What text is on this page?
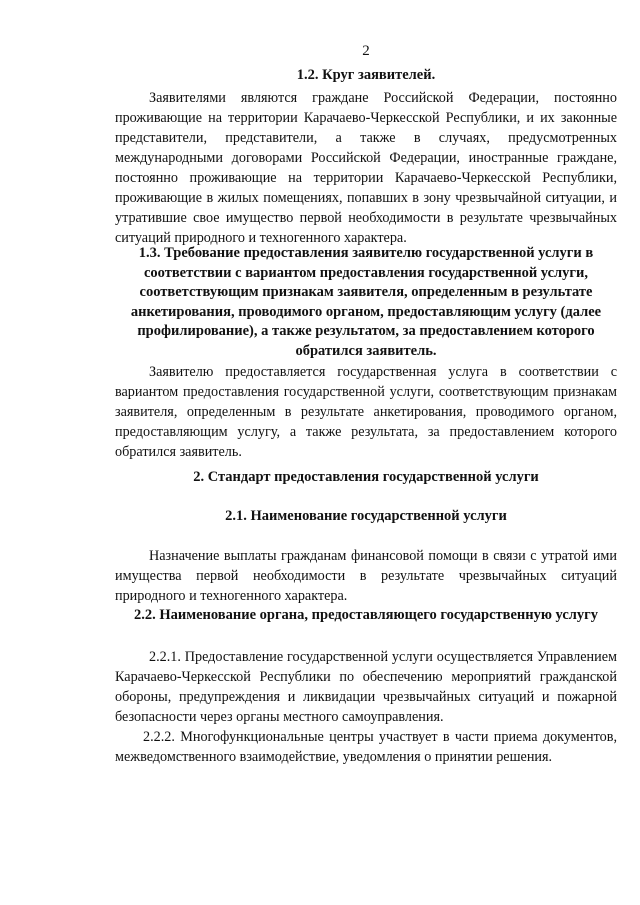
2

1.2. Круг заявителей.

Заявителями являются граждане Российской Федерации, постоянно проживающие на территории Карачаево-Черкесской Республики, и их законные представители, представители, а также в случаях, предусмотренных международными договорами Российской Федерации, иностранные граждане, постоянно проживающие на территории Карачаево-Черкесской Республики, проживающие в жилых помещениях, попавших в зону чрезвычайной ситуации, и утратившие свое имущество первой необходимости в результате чрезвычайных ситуаций природного и техногенного характера.

1.3. Требование предоставления заявителю государственной услуги в соответствии с вариантом предоставления государственной услуги, соответствующим признакам заявителя, определенным в результате анкетирования, проводимого органом, предоставляющим услугу (далее профилирование), а также результатом, за предоставлением которого обратился заявитель.

Заявителю предоставляется государственная услуга в соответствии с вариантом предоставления государственной услуги, соответствующим признакам заявителя, определенным в результате анкетирования, проводимого органом, предоставляющим услугу, а также результата, за предоставлением которого обратился заявитель.

2. Стандарт предоставления государственной услуги

2.1. Наименование государственной услуги

Назначение выплаты гражданам финансовой помощи в связи с утратой ими имущества первой необходимости в результате чрезвычайных ситуаций природного и техногенного характера.

2.2. Наименование органа, предоставляющего государственную услугу

2.2.1. Предоставление государственной услуги осуществляется Управлением Карачаево-Черкесской Республики по обеспечению мероприятий гражданской обороны, предупреждения и ликвидации чрезвычайных ситуаций и пожарной безопасности через органы местного самоуправления.

2.2.2. Многофункциональные центры участвует в части приема документов, межведомственного взаимодействие, уведомления о принятии решения.
